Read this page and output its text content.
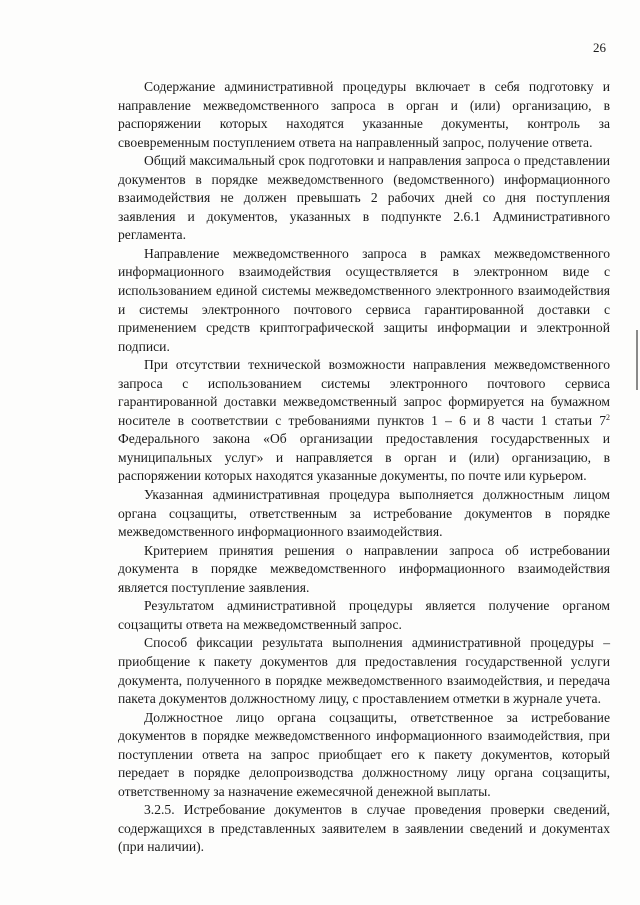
26

Содержание административной процедуры включает в себя подготовку и направление межведомственного запроса в орган и (или) организацию, в распоряжении которых находятся указанные документы, контроль за своевременным поступлением ответа на направленный запрос, получение ответа.

Общий максимальный срок подготовки и направления запроса о представлении документов в порядке межведомственного (ведомственного) информационного взаимодействия не должен превышать 2 рабочих дней со дня поступления заявления и документов, указанных в подпункте 2.6.1 Административного регламента.

Направление межведомственного запроса в рамках межведомственного информационного взаимодействия осуществляется в электронном виде с использованием единой системы межведомственного электронного взаимодействия и системы электронного почтового сервиса гарантированной доставки с применением средств криптографической защиты информации и электронной подписи.

При отсутствии технической возможности направления межведомственного запроса с использованием системы электронного почтового сервиса гарантированной доставки межведомственный запрос формируется на бумажном носителе в соответствии с требованиями пунктов 1 – 6 и 8 части 1 статьи $7^2$ Федерального закона «Об организации предоставления государственных и муниципальных услуг» и направляется в орган и (или) организацию, в распоряжении которых находятся указанные документы, по почте или курьером.

Указанная административная процедура выполняется должностным лицом органа соцзащиты, ответственным за истребование документов в порядке межведомственного информационного взаимодействия.

Критерием принятия решения о направлении запроса об истребовании документа в порядке межведомственного информационного взаимодействия является поступление заявления.

Результатом административной процедуры является получение органом соцзащиты ответа на межведомственный запрос.

Способ фиксации результата выполнения административной процедуры – приобщение к пакету документов для предоставления государственной услуги документа, полученного в порядке межведомственного взаимодействия, и передача пакета документов должностному лицу, с проставлением отметки в журнале учета.

Должностное лицо органа соцзащиты, ответственное за истребование документов в порядке межведомственного информационного взаимодействия, при поступлении ответа на запрос приобщает его к пакету документов, который передает в порядке делопроизводства должностному лицу органа соцзащиты, ответственному за назначение ежемесячной денежной выплаты.

3.2.5. Истребование документов в случае проведения проверки сведений, содержащихся в представленных заявителем в заявлении сведений и документах (при наличии).
